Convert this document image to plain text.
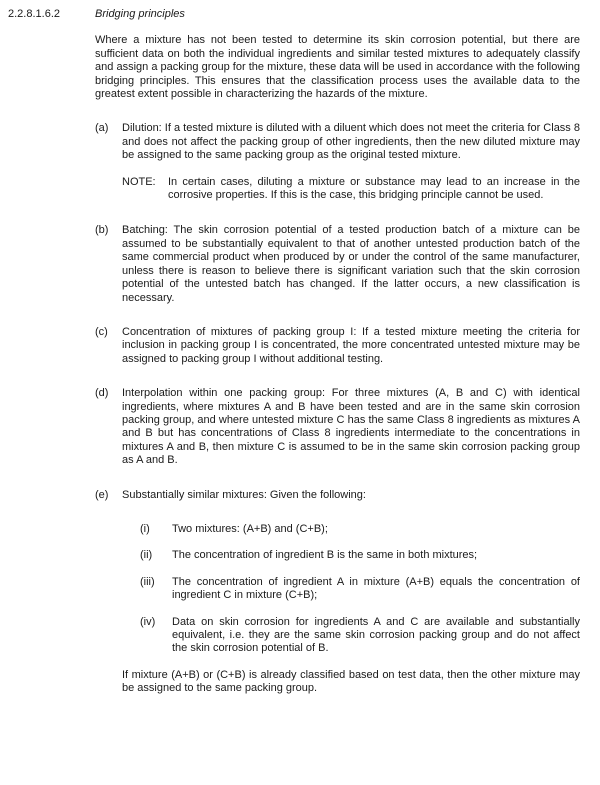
2.2.8.1.6.2	Bridging principles

Where a mixture has not been tested to determine its skin corrosion potential, but there are sufficient data on both the individual ingredients and similar tested mixtures to adequately classify and assign a packing group for the mixture, these data will be used in accordance with the following bridging principles. This ensures that the classification process uses the available data to the greatest extent possible in characterizing the hazards of the mixture.

(a)	Dilution: If a tested mixture is diluted with a diluent which does not meet the criteria for Class 8 and does not affect the packing group of other ingredients, then the new diluted mixture may be assigned to the same packing group as the original tested mixture.
NOTE:	In certain cases, diluting a mixture or substance may lead to an increase in the corrosive properties. If this is the case, this bridging principle cannot be used.
(b)	Batching: The skin corrosion potential of a tested production batch of a mixture can be assumed to be substantially equivalent to that of another untested production batch of the same commercial product when produced by or under the control of the same manufacturer, unless there is reason to believe there is significant variation such that the skin corrosion potential of the untested batch has changed. If the latter occurs, a new classification is necessary.
(c)	Concentration of mixtures of packing group I: If a tested mixture meeting the criteria for inclusion in packing group I is concentrated, the more concentrated untested mixture may be assigned to packing group I without additional testing.
(d)	Interpolation within one packing group: For three mixtures (A, B and C) with identical ingredients, where mixtures A and B have been tested and are in the same skin corrosion packing group, and where untested mixture C has the same Class 8 ingredients as mixtures A and B but has concentrations of Class 8 ingredients intermediate to the concentrations in mixtures A and B, then mixture C is assumed to be in the same skin corrosion packing group as A and B.
(e)	Substantially similar mixtures: Given the following:
(i)	Two mixtures: (A+B) and (C+B);
(ii)	The concentration of ingredient B is the same in both mixtures;
(iii)	The concentration of ingredient A in mixture (A+B) equals the concentration of ingredient C in mixture (C+B);
(iv)	Data on skin corrosion for ingredients A and C are available and substantially equivalent, i.e. they are the same skin corrosion packing group and do not affect the skin corrosion potential of B.

If mixture (A+B) or (C+B) is already classified based on test data, then the other mixture may be assigned to the same packing group.
